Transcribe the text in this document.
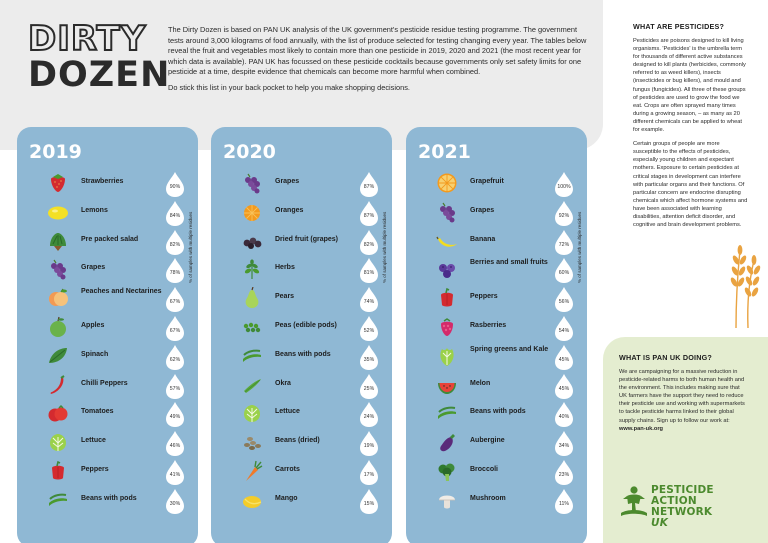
DIRTY
DOZEN

The Dirty Dozen is based on PAN UK analysis of the UK government's pesticide residue testing programme. The government tests around 3,000 kilograms of food annually, with the list of produce selected for testing changing every year. The tables below reveal the fruit and vegetables most likely to contain more than one pesticide in 2019, 2020 and 2021 (the most recent year for which data is available). PAN UK has focussed on these pesticide cocktails because governments only set safety limits for one pesticide at a time, despite evidence that chemicals can become more harmful when combined.

Do stick this list in your back pocket to help you make shopping decisions.

2019
% of samples with multiple residues
Strawberries
90%
Lemons
84%
Pre packed salad
82%
Grapes
78%
Peaches and Nectarines
67%
Apples
67%
Spinach
62%
Chilli Peppers
57%
Tomatoes
49%
Lettuce
46%
Peppers
41%
Beans with pods
30%
2020
% of samples with multiple residues
Grapes
87%
Oranges
87%
Dried fruit (grapes)
82%
Herbs
81%
Pears
74%
Peas (edible pods)
52%
Beans with pods
35%
Okra
25%
Lettuce
24%
Beans (dried)
19%
Carrots
17%
Mango
15%
2021
% of samples with multiple residues
Grapefruit
100%
Grapes
92%
Banana
72%
Berries and small fruits
60%
Peppers
56%
Rasberries
54%
Spring greens and Kale
45%
Melon
45%
Beans with pods
40%
Aubergine
34%
Broccoli
23%
Mushroom
11%
WHAT ARE PESTICIDES?

Pesticides are poisons designed to kill living organisms. 'Pesticides' is the umbrella term for thousands of different active substances designed to kill plants (herbicides, commonly referred to as weed killers), insects (insecticides or bug killers), and mould and fungus (fungicides). All three of these groups of pesticides are used to grow the food we eat. Crops are often sprayed many times during a growing season, – as many as 20 different chemicals can be applied to wheat for example.

Certain groups of people are more susceptible to the effects of pesticides, especially young children and expectant mothers. Exposure to certain pesticides at critical stages in development can interfere with particular organs and their functions. Of particular concern are endocrine disrupting chemicals which affect hormone systems and have been associated with learning disabilities, attention deficit disorder, and cognitive and brain development problems.

WHAT IS PAN UK DOING?

We are campaigning for a massive reduction in pesticide-related harms to both human health and the environment. This includes making sure that UK farmers have the support they need to reduce their pesticide use and working with supermarkets to tackle pesticide harms linked to their global supply chains. Sign up to follow our work at:
www.pan-uk.org

PESTICIDE
ACTION
NETWORK
UK
